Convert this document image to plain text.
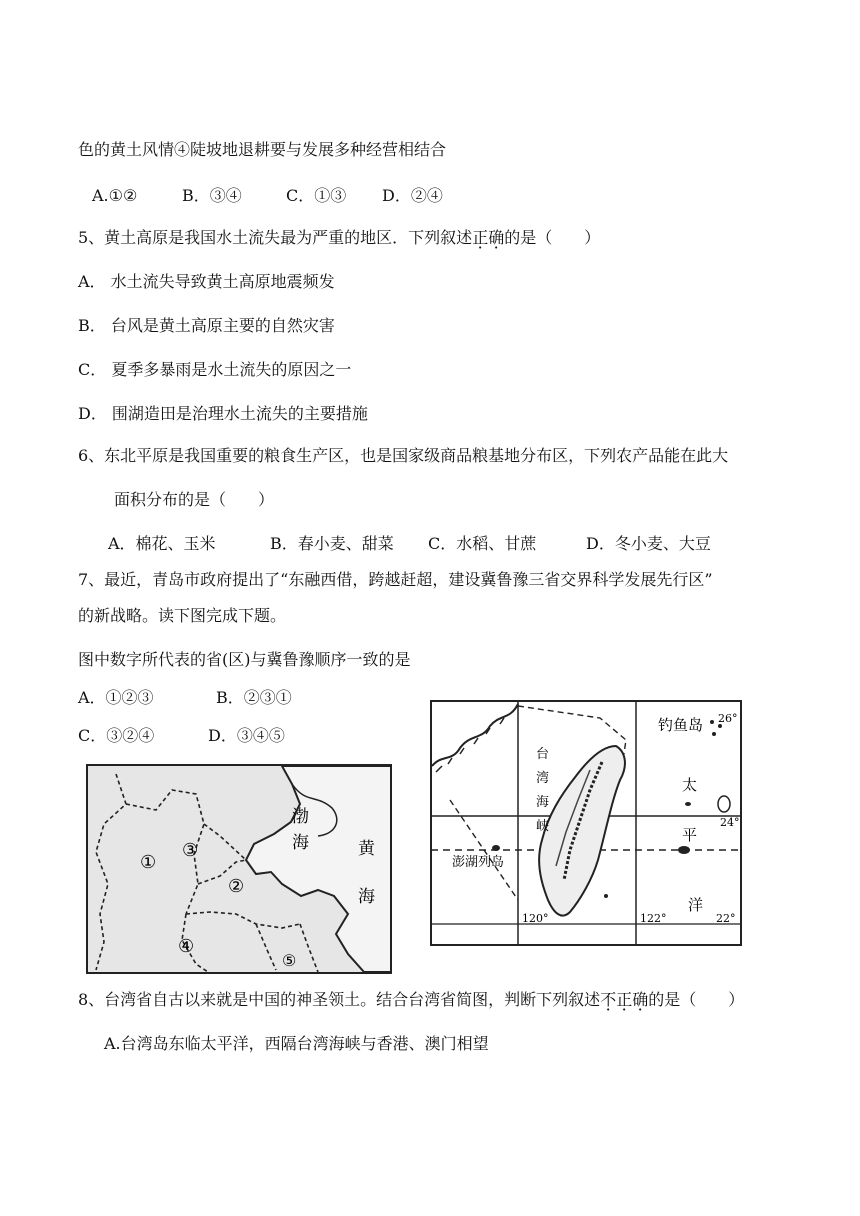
色的黄土风情④陡坡地退耕要与发展多种经营相结合
A.①②	B．③④	C．①③ D．②④
5、黄土高原是我国水土流失最为严重的地区．下列叙述正确的是（　　）
A． 水土流失导致黄土高原地震频发
B． 台风是黄土高原主要的自然灾害
C． 夏季多暴雨是水土流失的原因之一
D． 围湖造田是治理水土流失的主要措施
6、东北平原是我国重要的粮食生产区，也是国家级商品粮基地分布区，下列农产品能在此大
面积分布的是（　　）
A．棉花、玉米	B．春小麦、甜菜 C．水稻、甘蔗	D．冬小麦、大豆
7、最近，青岛市政府提出了“东融西借，跨越赶超，建设冀鲁豫三省交界科学发展先行区”
的新战略。读下图完成下题。
图中数字所代表的省(区)与冀鲁豫顺序一致的是
A．①②③	B．②③①
C．③②④	D．③④⑤
①
③
②
④
⑤
渤
海	黄
海
钓鱼岛 26°
24°
22°
120°	122°
台
湾
海
峡
澎湖列岛
太
平
洋
8、台湾省自古以来就是中国的神圣领土。结合台湾省简图，判断下列叙述不正确的是（　　）
A.台湾岛东临太平洋，西隔台湾海峡与香港、澳门相望
